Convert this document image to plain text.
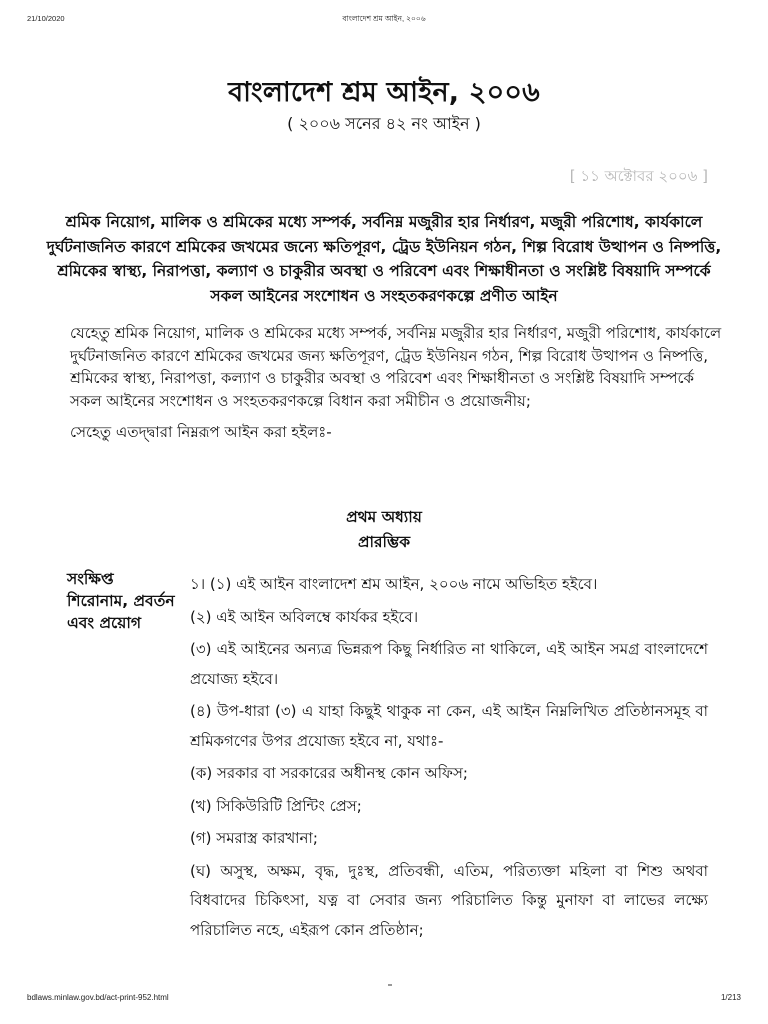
21/10/2020	বাংলাদেশ শ্রম আইন, ২০০৬
বাংলাদেশ শ্রম আইন, ২০০৬
( ২০০৬ সনের ৪২ নং আইন )
[ ১১ অক্টোবর ২০০৬ ]
শ্রমিক নিয়োগ, মালিক ও শ্রমিকের মধ্যে সম্পর্ক, সর্বনিম্ন মজুরীর হার নির্ধারণ, মজুরী পরিশোধ, কার্যকালে দুর্ঘটনাজনিত কারণে শ্রমিকের জখমের জন্যে ক্ষতিপূরণ, ট্রেড ইউনিয়ন গঠন, শিল্প বিরোধ উত্থাপন ও নিষ্পত্তি, শ্রমিকের স্বাস্থ্য, নিরাপত্তা, কল্যাণ ও চাকুরীর অবস্থা ও পরিবেশ এবং শিক্ষাধীনতা ও সংশ্লিষ্ট বিষয়াদি সম্পর্কে সকল আইনের সংশোধন ও সংহতকরণকল্পে প্রণীত আইন

যেহেতু শ্রমিক নিয়োগ, মালিক ও শ্রমিকের মধ্যে সম্পর্ক, সর্বনিম্ন মজুরীর হার নির্ধারণ, মজুরী পরিশোধ, কার্যকালে দুর্ঘটনাজনিত কারণে শ্রমিকের জখমের জন্য ক্ষতিপূরণ, ট্রেড ইউনিয়ন গঠন, শিল্প বিরোধ উত্থাপন ও নিষ্পত্তি, শ্রমিকের স্বাস্থ্য, নিরাপত্তা, কল্যাণ ও চাকুরীর অবস্থা ও পরিবেশ এবং শিক্ষাধীনতা ও সংশ্লিষ্ট বিষয়াদি সম্পর্কে সকল আইনের সংশোধন ও সংহতকরণকল্পে বিধান করা সমীচীন ও প্রয়োজনীয়;

সেহেতু এতদ্দ্বারা নিম্নরূপ আইন করা হইলঃ-

প্রথম অধ্যায়
প্রারম্ভিক
সংক্ষিপ্ত শিরোনাম, প্রবর্তন এবং প্রয়োগ

১। (১) এই আইন বাংলাদেশ শ্রম আইন, ২০০৬ নামে অভিহিত হইবে।

(২) এই আইন অবিলম্বে কার্যকর হইবে।

(৩) এই আইনের অন্যত্র ভিন্নরূপ কিছু নির্ধারিত না থাকিলে, এই আইন সমগ্র বাংলাদেশে প্রযোজ্য হইবে।

(৪) উপ-ধারা (৩) এ যাহা কিছুই থাকুক না কেন, এই আইন নিম্নলিখিত প্রতিষ্ঠানসমূহ বা শ্রমিকগণের উপর প্রযোজ্য হইবে না, যথাঃ-

(ক) সরকার বা সরকারের অধীনস্থ কোন অফিস;

(খ) সিকিউরিটি প্রিন্টিং প্রেস;

(গ) সমরাস্ত্র কারখানা;

(ঘ) অসুস্থ, অক্ষম, বৃদ্ধ, দুঃস্থ, প্রতিবন্ধী, এতিম, পরিত্যক্তা মহিলা বা শিশু অথবা বিধবাদের চিকিৎসা, যত্ন বা সেবার জন্য পরিচালিত কিন্তু মুনাফা বা লাভের লক্ষ্যে পরিচালিত নহে, এইরূপ কোন প্রতিষ্ঠান;

bdlaws.minlaw.gov.bd/act-print-952.html	1/213
